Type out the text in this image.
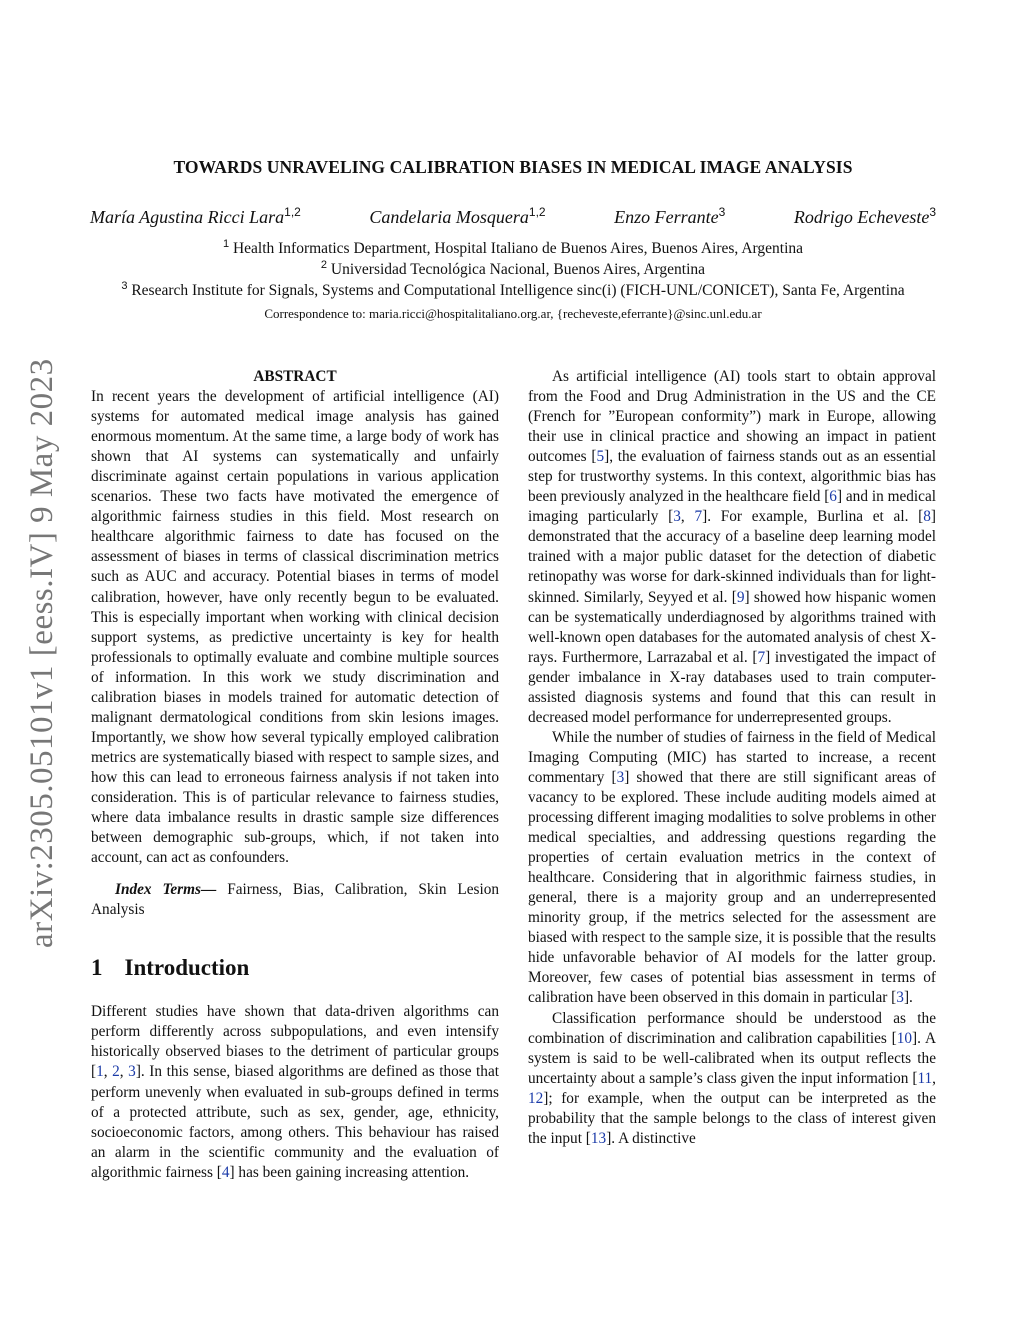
arXiv:2305.05101v1 [eess.IV] 9 May 2023
TOWARDS UNRAVELING CALIBRATION BIASES IN MEDICAL IMAGE ANALYSIS
María Agustina Ricci Lara$^{1,2}$	Candelaria Mosquera$^{1,2}$	Enzo Ferrante$^3$	Rodrigo Echeveste$^3$
$^1$ Health Informatics Department, Hospital Italiano de Buenos Aires, Buenos Aires, Argentina
$^2$ Universidad Tecnológica Nacional, Buenos Aires, Argentina
$^3$ Research Institute for Signals, Systems and Computational Intelligence sinc(i) (FICH-UNL/CONICET), Santa Fe, Argentina
Correspondence to: maria.ricci@hospitalitaliano.org.ar, {recheveste,eferrante}@sinc.unl.edu.ar
ABSTRACT

In recent years the development of artificial intelligence (AI) systems for automated medical image analysis has gained enormous momentum. At the same time, a large body of work has shown that AI systems can systematically and unfairly discriminate against certain populations in various application scenarios. These two facts have motivated the emergence of algorithmic fairness studies in this field. Most research on healthcare algorithmic fairness to date has focused on the assessment of biases in terms of classical discrimination metrics such as AUC and accuracy. Potential biases in terms of model calibration, however, have only recently begun to be evaluated. This is especially important when working with clinical decision support systems, as predictive uncertainty is key for health professionals to optimally evaluate and combine multiple sources of information. In this work we study discrimination and calibration biases in models trained for automatic detection of malignant dermatological conditions from skin lesions images. Importantly, we show how several typically employed calibration metrics are systematically biased with respect to sample sizes, and how this can lead to erroneous fairness analysis if not taken into consideration. This is of particular relevance to fairness studies, where data imbalance results in drastic sample size differences between demographic sub-groups, which, if not taken into account, can act as confounders.

Index Terms— Fairness, Bias, Calibration, Skin Lesion Analysis

1 Introduction

Different studies have shown that data-driven algorithms can perform differently across subpopulations, and even intensify historically observed biases to the detriment of particular groups [1, 2, 3]. In this sense, biased algorithms are defined as those that perform unevenly when evaluated in sub-groups defined in terms of a protected attribute, such as sex, gender, age, ethnicity, socioeconomic factors, among others. This behaviour has raised an alarm in the scientific community and the evaluation of algorithmic fairness [4] has been gaining increasing attention.

As artificial intelligence (AI) tools start to obtain approval from the Food and Drug Administration in the US and the CE (French for ”European conformity”) mark in Europe, allowing their use in clinical practice and showing an impact in patient outcomes [5], the evaluation of fairness stands out as an essential step for trustworthy systems. In this context, algorithmic bias has been previously analyzed in the healthcare field [6] and in medical imaging particularly [3, 7]. For example, Burlina et al. [8] demonstrated that the accuracy of a baseline deep learning model trained with a major public dataset for the detection of diabetic retinopathy was worse for dark-skinned individuals than for light-skinned. Similarly, Seyyed et al. [9] showed how hispanic women can be systematically underdiagnosed by algorithms trained with well-known open databases for the automated analysis of chest X-rays. Furthermore, Larrazabal et al. [7] investigated the impact of gender imbalance in X-ray databases used to train computer-assisted diagnosis systems and found that this can result in decreased model performance for underrepresented groups.

While the number of studies of fairness in the field of Medical Imaging Computing (MIC) has started to increase, a recent commentary [3] showed that there are still significant areas of vacancy to be explored. These include auditing models aimed at processing different imaging modalities to solve problems in other medical specialties, and addressing questions regarding the properties of certain evaluation metrics in the context of healthcare. Considering that in algorithmic fairness studies, in general, there is a majority group and an underrepresented minority group, if the metrics selected for the assessment are biased with respect to the sample size, it is possible that the results hide unfavorable behavior of AI models for the latter group. Moreover, few cases of potential bias assessment in terms of calibration have been observed in this domain in particular [3].

Classification performance should be understood as the combination of discrimination and calibration capabilities [10]. A system is said to be well-calibrated when its output reflects the uncertainty about a sample’s class given the input information [11, 12]; for example, when the output can be interpreted as the probability that the sample belongs to the class of interest given the input [13]. A distinctive
